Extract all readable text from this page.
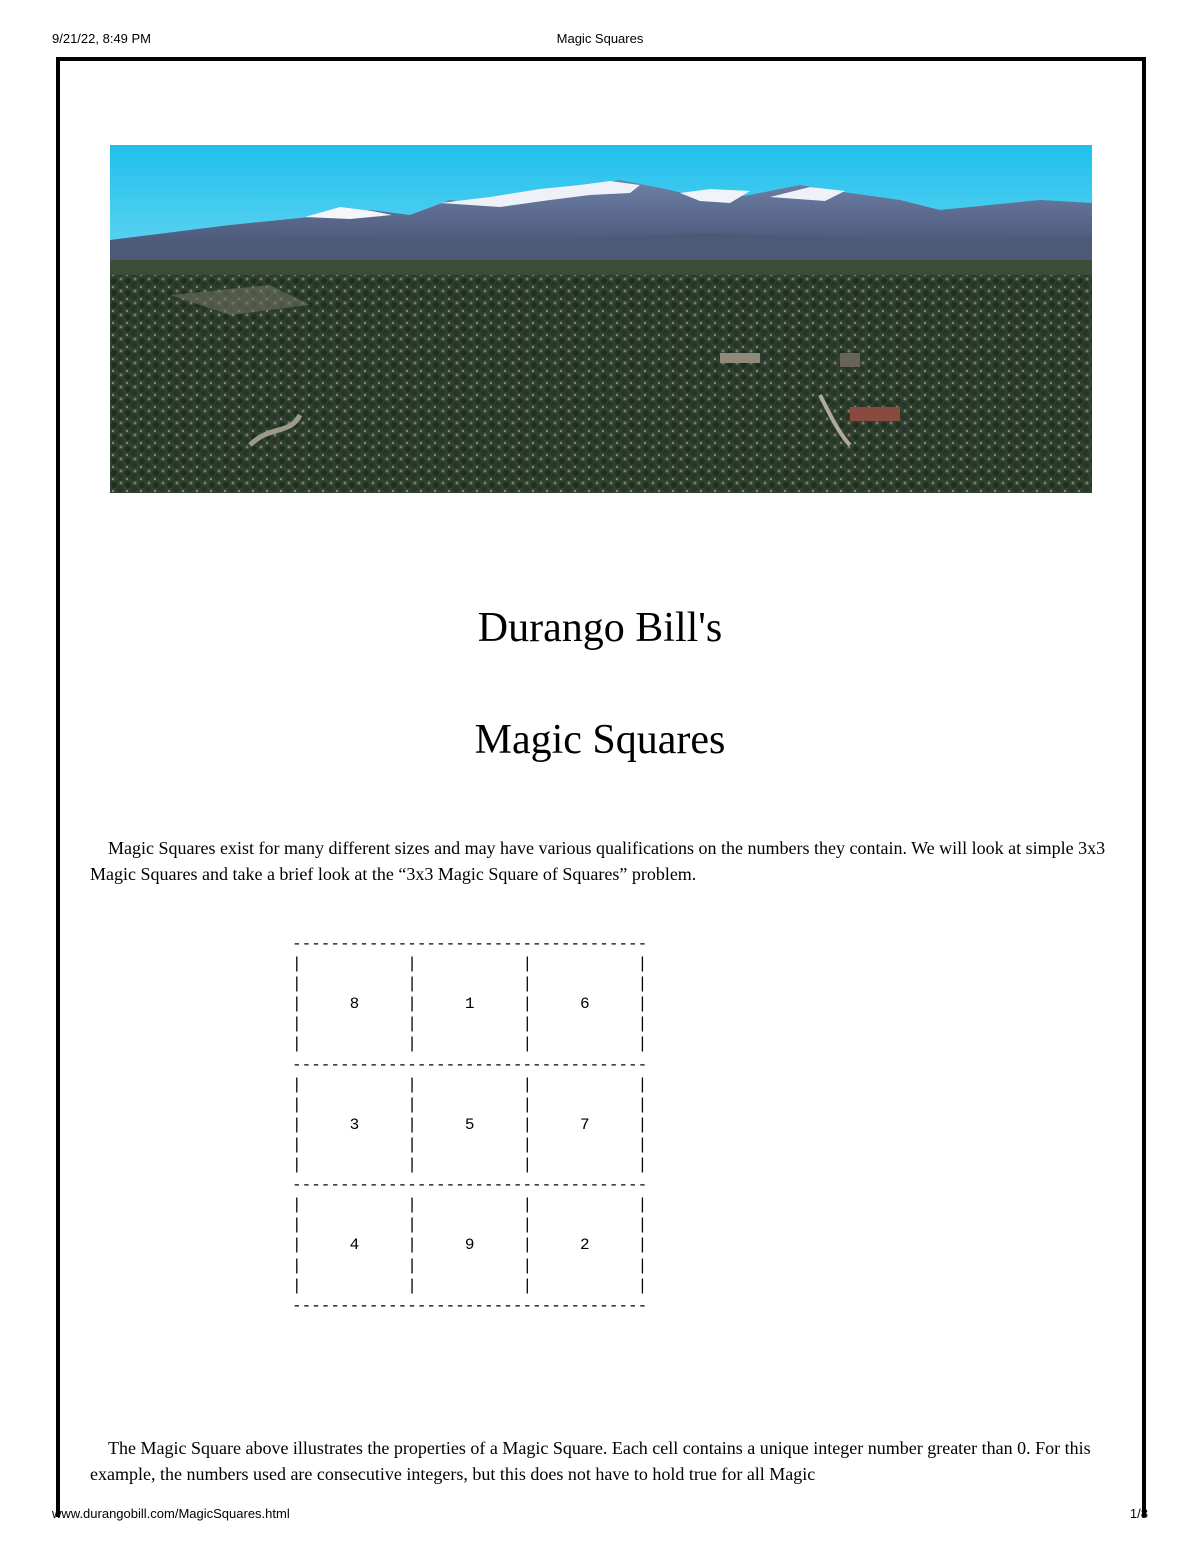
9/21/22, 8:49 PM	Magic Squares
Durango Bill's
Magic Squares
Magic Squares exist for many different sizes and may have various qualifications on the numbers they contain. We will look at simple 3x3 Magic Squares and take a brief look at the “3x3 Magic Square of Squares” problem.
-------------------------------------
|           |           |           |
|           |           |           |
|     8     |     1     |     6     |
|           |           |           |
|           |           |           |
-------------------------------------
|           |           |           |
|           |           |           |
|     3     |     5     |     7     |
|           |           |           |
|           |           |           |
-------------------------------------
|           |           |           |
|           |           |           |
|     4     |     9     |     2     |
|           |           |           |
|           |           |           |
-------------------------------------
The Magic Square above illustrates the properties of a Magic Square. Each cell contains a unique integer number greater than 0. For this example, the numbers used are consecutive integers, but this does not have to hold true for all Magic
www.durangobill.com/MagicSquares.html	1/8
